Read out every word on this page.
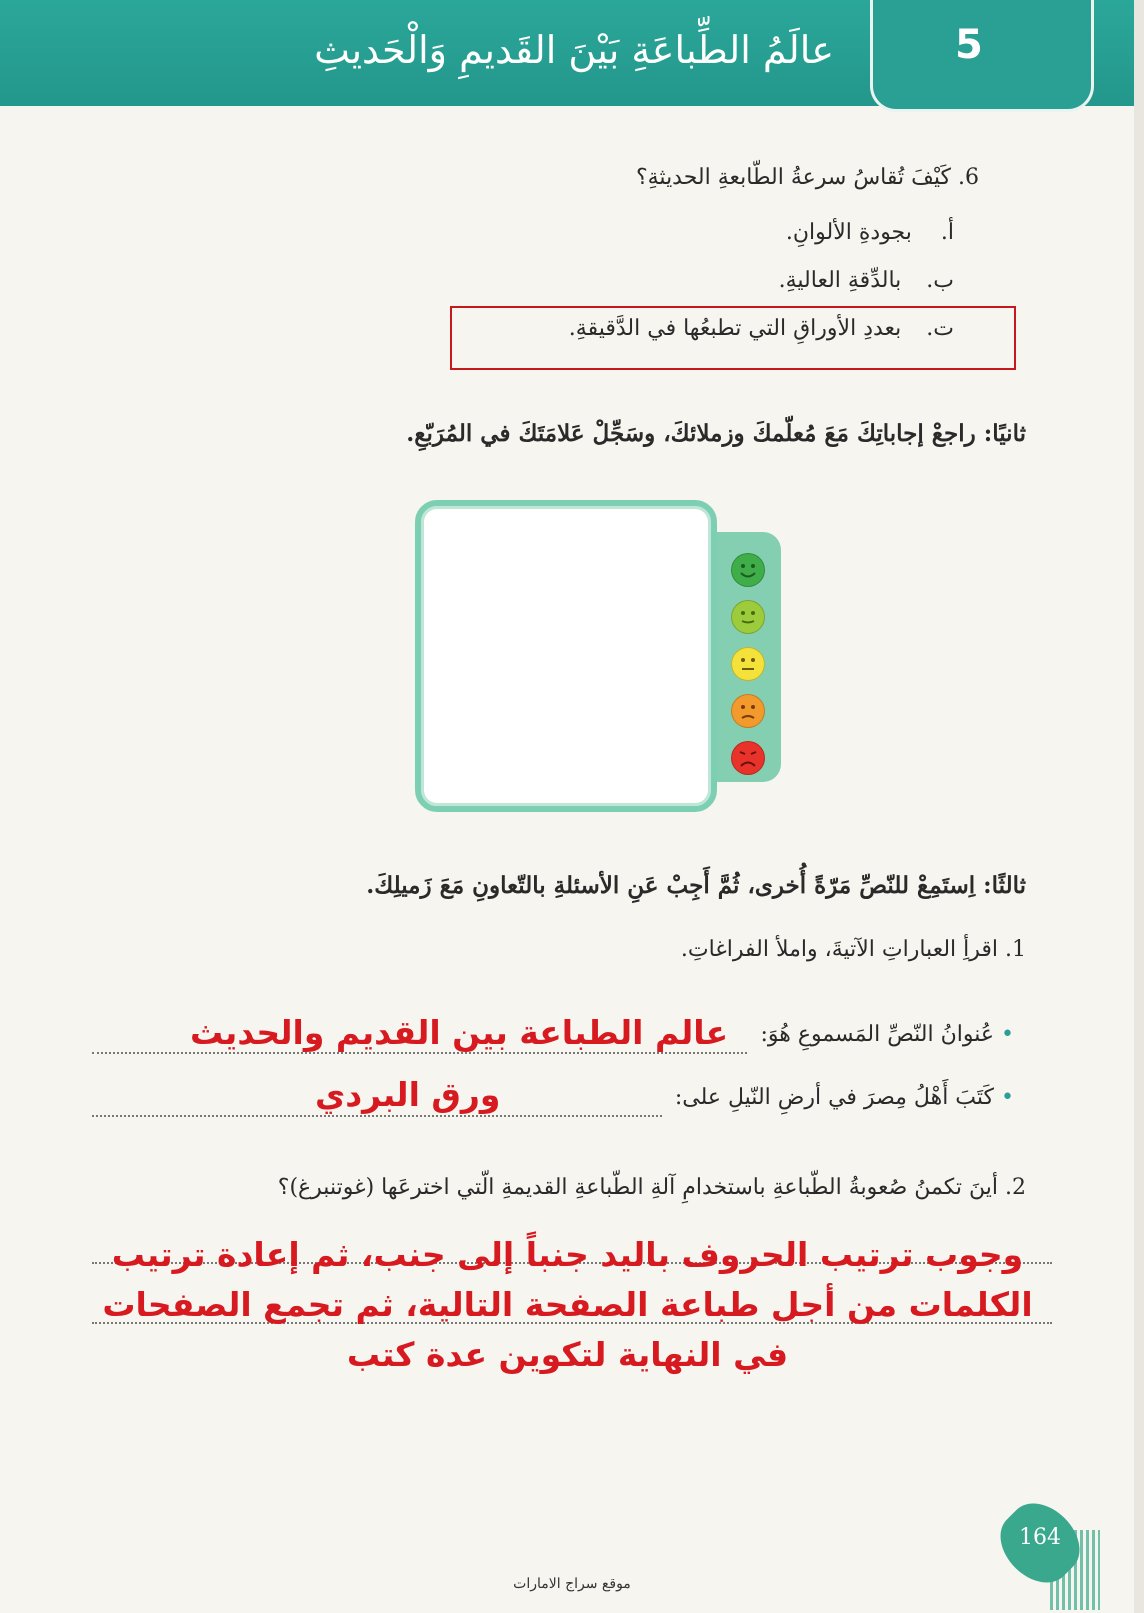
5
عالَمُ الطِّباعَةِ بَيْنَ القَديمِ وَالْحَديثِ
6. كَيْفَ تُقاسُ سرعةُ الطّابعةِ الحديثةِ؟
أ. بجودةِ الألوانِ.
ب. بالدِّقةِ العاليةِ.
ت. بعددِ الأوراقِ التي تطبعُها في الدَّقيقةِ.
ثانيًا: راجعْ إجاباتِكَ مَعَ مُعلّمكَ وزملائكَ، وسَجِّلْ عَلامَتَكَ في المُرَبّعِ.
ثالثًا: اِستَمِعْ للنّصِّ مَرّةً أُخرى، ثُمَّ أَجِبْ عَنِ الأسئلةِ بالتّعاونِ مَعَ زَميلِكَ.
1. اقرأِ العباراتِ الآتيةَ، واملأ الفراغاتِ.
• عُنوانُ النّصِّ المَسموعِ هُوَ:
عالم الطباعة بين القديم والحديث
• كَتَبَ أَهْلُ مِصرَ في أرضِ النّيلِ على:
ورق البردي
2. أينَ تكمنُ صُعوبةُ الطّباعةِ باستخدامِ آلةِ الطّباعةِ القديمةِ الّتي اخترعَها (غوتنبرغ)؟
وجوب ترتيب الحروف باليد جنباً إلى جنب، ثم إعادة ترتيب الكلمات من أجل طباعة الصفحة التالية، ثم تجمع الصفحات في النهاية لتكوين عدة كتب
164
موقع سراج الامارات
